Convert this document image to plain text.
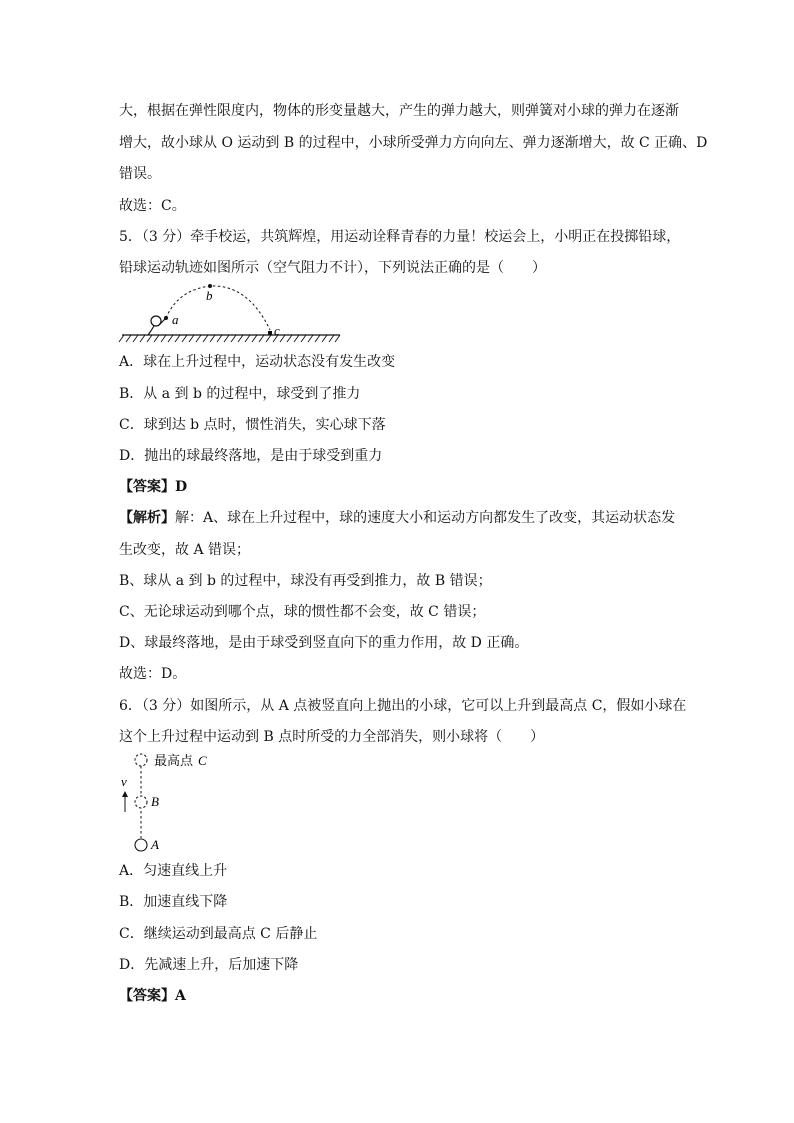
大，根据在弹性限度内，物体的形变量越大，产生的弹力越大，则弹簧对小球的弹力在逐渐
增大，故小球从 O 运动到 B 的过程中，小球所受弹力方向向左、弹力逐渐增大，故 C 正确、D
错误。
故选：C。
5．（3 分）牵手校运，共筑辉煌，用运动诠释青春的力量！校运会上，小明正在投掷铅球，
铅球运动轨迹如图所示（空气阻力不计），下列说法正确的是（　　）
a
b
c
A．球在上升过程中，运动状态没有发生改变
B．从 a 到 b 的过程中，球受到了推力
C．球到达 b 点时，惯性消失，实心球下落
D．抛出的球最终落地，是由于球受到重力
【答案】D
【解析】解：A、球在上升过程中，球的速度大小和运动方向都发生了改变，其运动状态发
生改变，故 A 错误；
B、球从 a 到 b 的过程中，球没有再受到推力，故 B 错误；
C、无论球运动到哪个点，球的惯性都不会变，故 C 错误；
D、球最终落地，是由于球受到竖直向下的重力作用，故 D 正确。
故选：D。
6．（3 分）如图所示，从 A 点被竖直向上抛出的小球，它可以上升到最高点 C，假如小球在
这个上升过程中运动到 B 点时所受的力全部消失，则小球将（　　）
v
最高点 C
B
A
A．匀速直线上升
B．加速直线下降
C．继续运动到最高点 C 后静止
D．先减速上升，后加速下降
【答案】A
